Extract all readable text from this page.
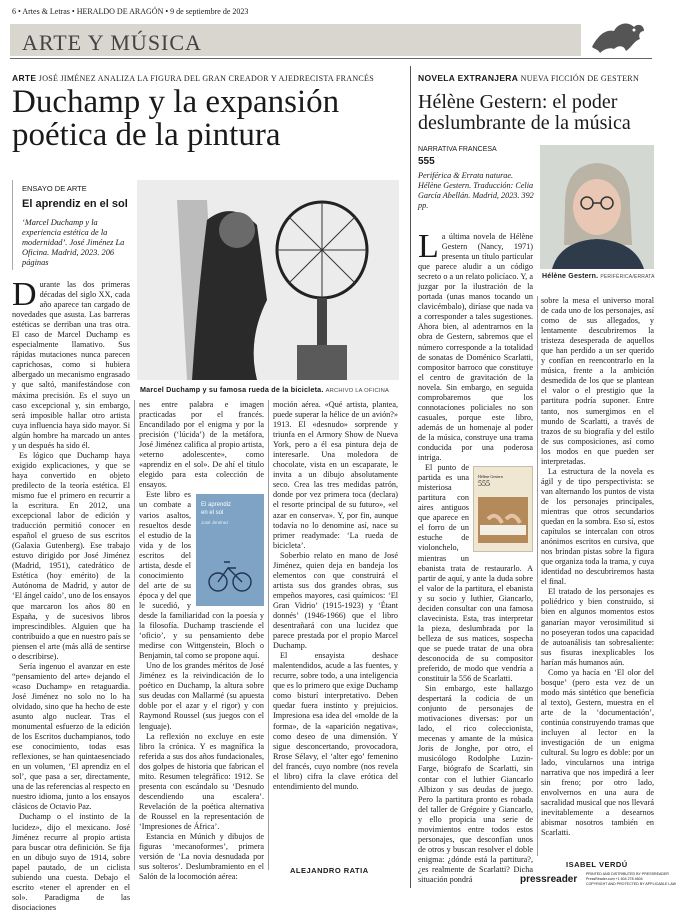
6 • Artes & Letras • HERALDO DE ARAGÓN • 9 de septiembre de 2023
ARTE Y MÚSICA
ARTE JOSÉ JIMÉNEZ ANALIZA LA FIGURA DEL GRAN CREADOR Y AJEDRECISTA FRANCÉS
Duchamp y la expansión poética de la pintura
ENSAYO DE ARTE
El aprendiz en el sol
‘Marcel Duchamp y la experiencia estética de la modernidad’. José Jiménez La Oficina. Madrid, 2023. 206 páginas
Marcel Duchamp y su famosa rueda de la bicicleta. ARCHIVO LA OFICINA

Durante las dos primeras décadas del siglo XX, cada año aparece tan cargado de novedades que asusta. Las barreras estéticas se derriban una tras otra. El caso de Marcel Duchamp es especialmente llamativo. Sus rápidas mutaciones nunca parecen caprichosas, como si hubiera albergado un mecanismo engrasado y que saltó, manifestándose con máxima precisión. Es el suyo un caso excepcional y, sin embargo, será imposible hallar otro artista cuya influencia haya sido mayor. Si algún hombre ha marcado un antes y un después ha sido él.

Es lógico que Duchamp haya exigido explicaciones, y que se haya convertido en objeto predilecto de la teoría estética. El mismo fue el primero en recurrir a la escritura. En 2012, una excepcional labor de edición y traducción permitió conocer en español el grueso de sus escritos (Galaxia Gutenberg). Ese trabajo estuvo dirigido por José Jiménez (Madrid, 1951), catedrático de Estética (hoy emérito) de la Autónoma de Madrid, y autor de ‘El ángel caído’, uno de los ensayos que marcaron los años 80 en España, y de sucesivos libros imprescindibles. Alguien que ha contribuido a que en nuestro país se piensen el arte (más allá de sentirse o describirse).

Sería ingenuo el avanzar en este “pensamiento del arte» dejando el «caso Duchamp» en retaguardia. José Jiménez no solo no lo ha olvidado, sino que ha hecho de este asunto algo nuclear. Tras el monumental esfuerzo de la edición de los Escritos duchampianos, todo ese conocimiento, todas esas reflexiones, se han quintaesenciado en un volumen, ‘El aprendiz en el sol’, que pasa a ser, directamente, una de las referencias al respecto en nuestro idioma, junto a los ensayos clásicos de Octavio Paz.

Duchamp o el instinto de la lucidez», dijo el mexicano. José Jiménez recurre al propio artista para buscar otra definición. Se fija en un dibujo suyo de 1914, sobre papel pautado, de un ciclista subiendo una cuesta. Debajo el escrito «tener el aprender en el sol». Paradigma de las disociaciones

nes entre palabra e imagen practicadas por el francés. Encandilado por el enigma y por la precisión (‘lúcida’) de la metáfora, José Jiménez califica al propio artista, «eterno adolescente», como «aprendiz en el sol». De ahí el título elegido para esta colección de ensayos.

El aprendiz
en el sol
José Jiménez

Este libro es un combate a varios asaltos, resueltos desde el estudio de la vida y de los escritos del artista, desde el conocimiento del arte de su época y del que le sucedió, y desde la familiaridad con la poesía y la filosofía. Duchamp trasciende el ‘oficio’, y su pensamiento debe medirse con Wittgenstein, Bloch o Benjamin, tal como se propone aquí.

Uno de los grandes méritos de José Jiménez es la reivindicación de lo poético en Duchamp, la altura sobre sus deudas con Mallarmé (su apuesta doble por el azar y el rigor) y con Raymond Roussel (sus juegos con el lenguaje).

La reflexión no excluye en este libro la crónica. Y es magnífica la referida a sus dos años fundacionales, dos golpes de historia que fabrican el mito. Resumen telegráfico: 1912. Se presenta con escándalo su ‘Desnudo descendiendo una escalera’. Revelación de la poética alternativa de Roussel en la representación de ‘Impresiones de África’.

Estancia en Múnich y dibujos de figuras ‘mecanoformes’, primera versión de ‘La novia desnudada por sus solteros’. Deslumbramiento en el Salón de la locomoción aérea:

moción aérea. «Qué artista, plantea, puede superar la hélice de un avión?» 1913. El «desnudo» sorprende y triunfa en el Armory Show de Nueva York, pero a él esa pintura deja de interesarle. Una moledora de chocolate, vista en un escaparate, le invita a un dibujo absolutamente seco. Crea las tres medidas patrón, donde por vez primera toca (declara) el resorte principal de su futuro», «el azar en conserva». Y, por fin, aunque todavía no lo denomine así, nace su primer readymade: ‘La rueda de bicicleta’.

Soberbio relato en mano de José Jiménez, quien deja en bandeja los elementos con que construirá el artista sus dos grandes obras, sus empeños mayores, casi químicos: ‘El Gran Vidrio’ (1915-1923) y ‘Étant donnés’ (1946-1966) que el libro desentrañará con una lucidez que parece prestada por el propio Marcel Duchamp.

El ensayista deshace malentendidos, acude a las fuentes, y recurre, sobre todo, a una inteligencia que es lo primero que exige Duchamp como bisturí interpretativo. Deben quedar fuera instinto y prejuicios. Impresiona esa idea del «molde de la forma», de la «aparición negativa», como deseo de una dimensión. Y sigue desconcertando, provocadora, Rrose Sélavy, el ‘alter ego’ femenino del francés, cuyo nombre (nos revela el libro) cifra la clave erótica del entendimiento del mundo.

ALEJANDRO RATIA
NOVELA EXTRANJERA NUEVA FICCIÓN DE GESTERN
Hélène Gestern: el poder deslumbrante de la música
NARRATIVA FRANCESA
555
Periférica & Errata naturae. Hélène Gestern. Traducción: Celia García Abellán. Madrid, 2023. 392 pp.
Hélène Gestern. PERIFÉRICA/ERRATA

La última novela de Hélène Gestern (Nancy, 1971) presenta un título particular que parece aludir a un código secreto o a un relato policíaco. Y, a juzgar por la ilustración de la portada (unas manos tocando un clavicémbalo), diríase que nada va a corresponder a tales sugestiones. Ahora bien, al adentrarnos en la obra de Gestern, sabremos que el número corresponde a la totalidad de sonatas de Doménico Scarlatti, compositor barroco que constituye el centro de gravitación de la novela. Sin embargo, en seguida comprobaremos que los connotaciones policiales no son casuales, porque este libro, además de un homenaje al poder de la música, construye una trama conducida por una poderosa intriga.

Hélène Gestern
555

El punto de partida es una misteriosa partitura con aires antiguos que aparece en el forro de un estuche de violonchelo, mientras un ebanista trata de restaurarlo. A partir de aquí, y ante la duda sobre el valor de la partitura, el ebanista y su socio y luthier, Giancarlo, deciden consultar con una famosa clavecinista. Esta, tras interpretar la pieza, deslumbrada por la belleza de sus matices, sospecha que se puede tratar de una obra desconocida de su compositor preferido, de modo que vendría a constituir la 556 de Scarlatti.

Sin embargo, este hallazgo despertará la codicia de un conjunto de personajes de motivaciones diversas: por un lado, el rico coleccionista, mecenas y amante de la música Joris de Jonghe, por otro, el musicólogo Rodolphe Luzin-Farge, biógrafo de Scarlatti, sin contar con el luthier Giancarlo Albizon y sus deudas de juego. Pero la partitura pronto es robada del taller de Grégoire y Giancarlo, y ello propicia una serie de movimientos entre todos estos personajes, que desconfían unos de otros y buscan resolver el doble enigma: ¿dónde está la partitura?, ¿es realmente de Scarlatti? Dicha situación pondrá

sobre la mesa el universo moral de cada uno de los personajes, así como de sus allegados, y lentamente descubriremos la tristeza desesperada de aquellos que han perdido a un ser querido y confían en reencontrarlo en la música, frente a la ambición desmedida de los que se plantean el valor o el prestigio que la partitura podría suponer. Entre tanto, nos sumergimos en el mundo de Scarlatti, a través de trazos de su biografía y del estilo de sus composiciones, así como los modos en que pueden ser interpretadas.

La estructura de la novela es ágil y de tipo perspectivista: se van alternando los puntos de vista de los personajes principales, mientras que otros secundarios quedan en la sombra. Eso sí, estos capítulos se intercalan con otros anónimos escritos en cursiva, que nos brindan pistas sobre la figura que organiza toda la trama, y cuya identidad no descubriremos hasta el final.

El tratado de los personajes es poliédrico y bien construido, si bien en algunos momentos estos ganarían mayor verosimilitud si no poseyeran todos una capacidad de autoanálisis tan sobresaliente: sus fisuras inexplicables los harían más humanos aún.

Como ya hacía en ‘El olor del bosque’ (pero esta vez de un modo más sintético que beneficia al texto), Gestern, muestra en el arte de la ‘documentación’, continúa construyendo tramas que incluyen al lector en la investigación de un enigma cultural. Su logro es doble: por un lado, vincularnos una intriga narrativa que nos impedirá a leer sin freno; por otro lado, envolvernos en una aura de sacralidad musical que nos llevará inevitablemente a desearnos abismar nosotros también en Scarlatti.

ISABEL VERDÚ
pressreader PRINTED AND DISTRIBUTED BY PRESSREADER
PressReader.com +1 604 278 4604
COPYRIGHT AND PROTECTED BY APPLICABLE LAW
